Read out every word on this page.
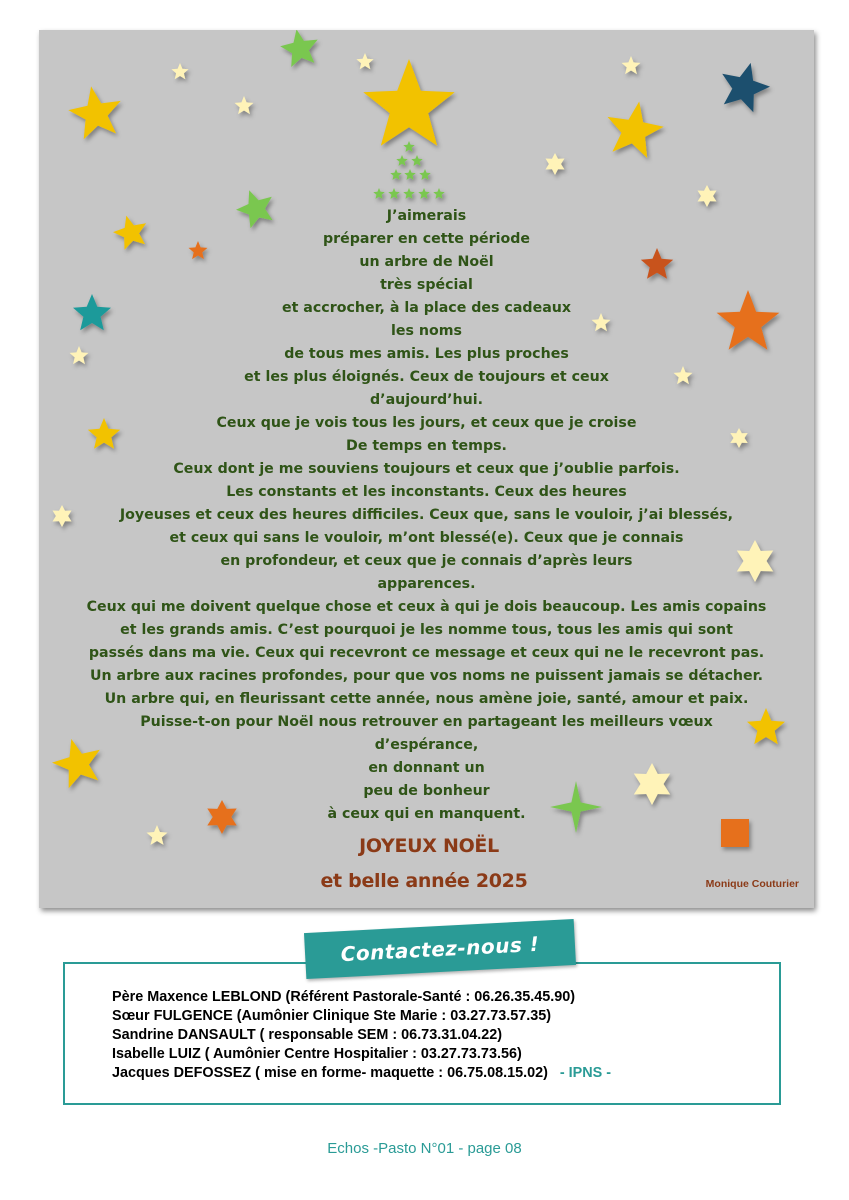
J’aimerais
préparer en cette période
un arbre de Noël
très spécial
et accrocher, à la place des cadeaux
les noms
de tous mes amis. Les plus proches
et les plus éloignés. Ceux de toujours et ceux
d’aujourd’hui.
Ceux que je vois tous les jours, et ceux que je croise
De temps en temps.
Ceux dont je me souviens toujours et ceux que j’oublie parfois.
Les constants et les inconstants. Ceux des heures
Joyeuses et ceux des heures difficiles. Ceux que, sans le vouloir, j’ai blessés,
et ceux qui sans le vouloir, m’ont blessé(e). Ceux que je connais
en profondeur, et ceux que je connais d’après leurs
apparences.
Ceux qui me doivent quelque chose et ceux à qui je dois beaucoup. Les amis copains
et les grands amis. C’est pourquoi je les nomme tous, tous les amis qui sont
passés dans ma vie. Ceux qui recevront ce message et ceux qui ne le recevront pas.
Un arbre aux racines profondes, pour que vos noms ne puissent jamais se détacher.
Un arbre qui, en fleurissant cette année, nous amène joie, santé, amour et paix.
Puisse-t-on pour Noël nous retrouver en partageant les meilleurs vœux
d’espérance,
en donnant un
peu de bonheur
à ceux qui en manquent.
JOYEUX NOËL
et belle année 2025	Monique Couturier
Contactez-nous !
Père Maxence LEBLOND (Référent Pastorale-Santé : 06.26.35.45.90)
Sœur FULGENCE (Aumônier Clinique Ste Marie : 03.27.73.57.35)
Sandrine DANSAULT ( responsable SEM : 06.73.31.04.22)
Isabelle LUIZ ( Aumônier Centre Hospitalier : 03.27.73.73.56)
Jacques DEFOSSEZ ( mise en forme- maquette : 06.75.08.15.02) - IPNS -
Echos -Pasto N°01 - page 08
